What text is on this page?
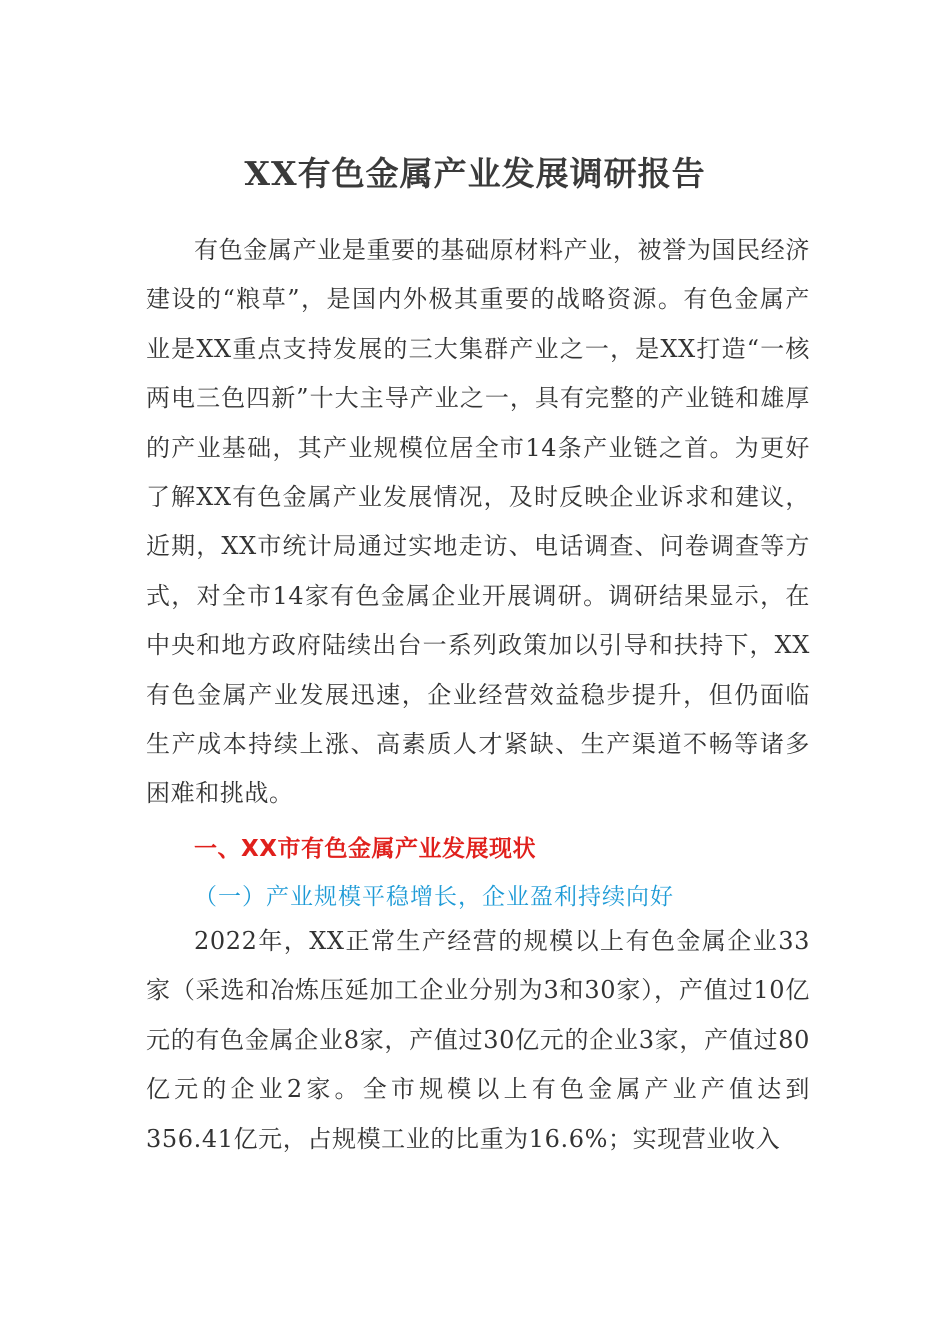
XX有色金属产业发展调研报告

有色金属产业是重要的基础原材料产业，被誉为国民经济建设的“粮草”，是国内外极其重要的战略资源。有色金属产业是XX重点支持发展的三大集群产业之一，是XX打造“一核两电三色四新”十大主导产业之一，具有完整的产业链和雄厚的产业基础，其产业规模位居全市14条产业链之首。为更好了解XX有色金属产业发展情况，及时反映企业诉求和建议，近期，XX市统计局通过实地走访、电话调查、问卷调查等方式，对全市14家有色金属企业开展调研。调研结果显示，在中央和地方政府陆续出台一系列政策加以引导和扶持下，XX有色金属产业发展迅速，企业经营效益稳步提升，但仍面临生产成本持续上涨、高素质人才紧缺、生产渠道不畅等诸多困难和挑战。

一、XX市有色金属产业发展现状
（一）产业规模平稳增长，企业盈利持续向好

2022年，XX正常生产经营的规模以上有色金属企业33家（采选和冶炼压延加工企业分别为3和30家），产值过10亿元的有色金属企业8家，产值过30亿元的企业3家，产值过80亿元的企业2家。全市规模以上有色金属产业产值达到356.41亿元，占规模工业的比重为16.6%；实现营业收入
